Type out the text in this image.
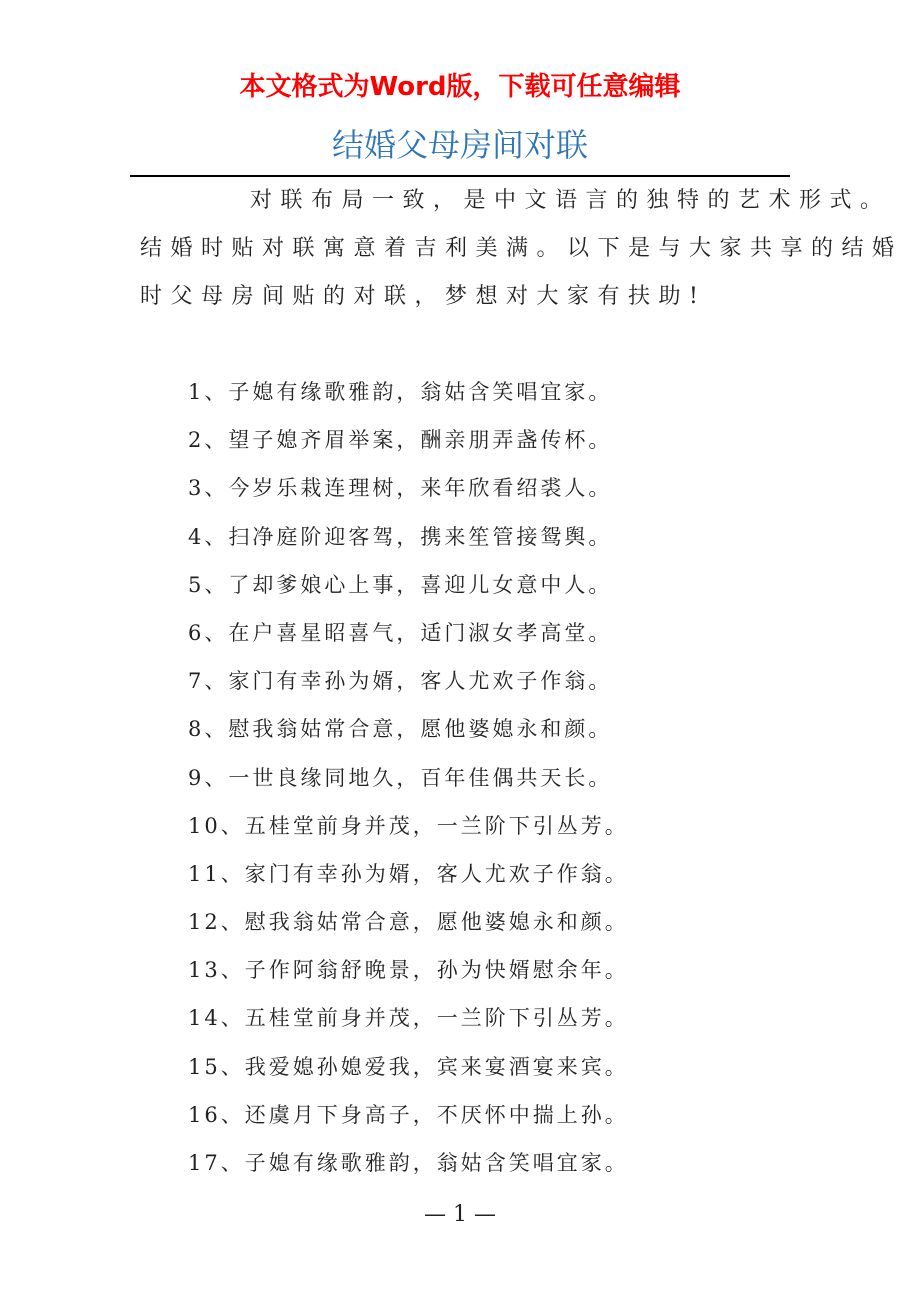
本文格式为Word版，下载可任意编辑
结婚父母房间对联
对联布局一致，是中文语言的独特的艺术形式。
结婚时贴对联寓意着吉利美满。以下是与大家共享的结婚
时父母房间贴的对联，梦想对大家有扶助!
1、子媳有缘歌雅韵，翁姑含笑唱宜家。
2、望子媳齐眉举案，酬亲朋弄盏传杯。
3、今岁乐栽连理树，来年欣看绍裘人。
4、扫净庭阶迎客驾，携来笙管接鸳舆。
5、了却爹娘心上事，喜迎儿女意中人。
6、在户喜星昭喜气，适门淑女孝高堂。
7、家门有幸孙为婿，客人尤欢子作翁。
8、慰我翁姑常合意，愿他婆媳永和颜。
9、一世良缘同地久，百年佳偶共天长。
10、五桂堂前身并茂，一兰阶下引丛芳。
11、家门有幸孙为婿，客人尤欢子作翁。
12、慰我翁姑常合意，愿他婆媳永和颜。
13、子作阿翁舒晚景，孙为快婿慰余年。
14、五桂堂前身并茂，一兰阶下引丛芳。
15、我爱媳孙媳爱我，宾来宴酒宴来宾。
16、还虞月下身高子，不厌怀中揣上孙。
17、子媳有缘歌雅韵，翁姑含笑唱宜家。
— 1 —
